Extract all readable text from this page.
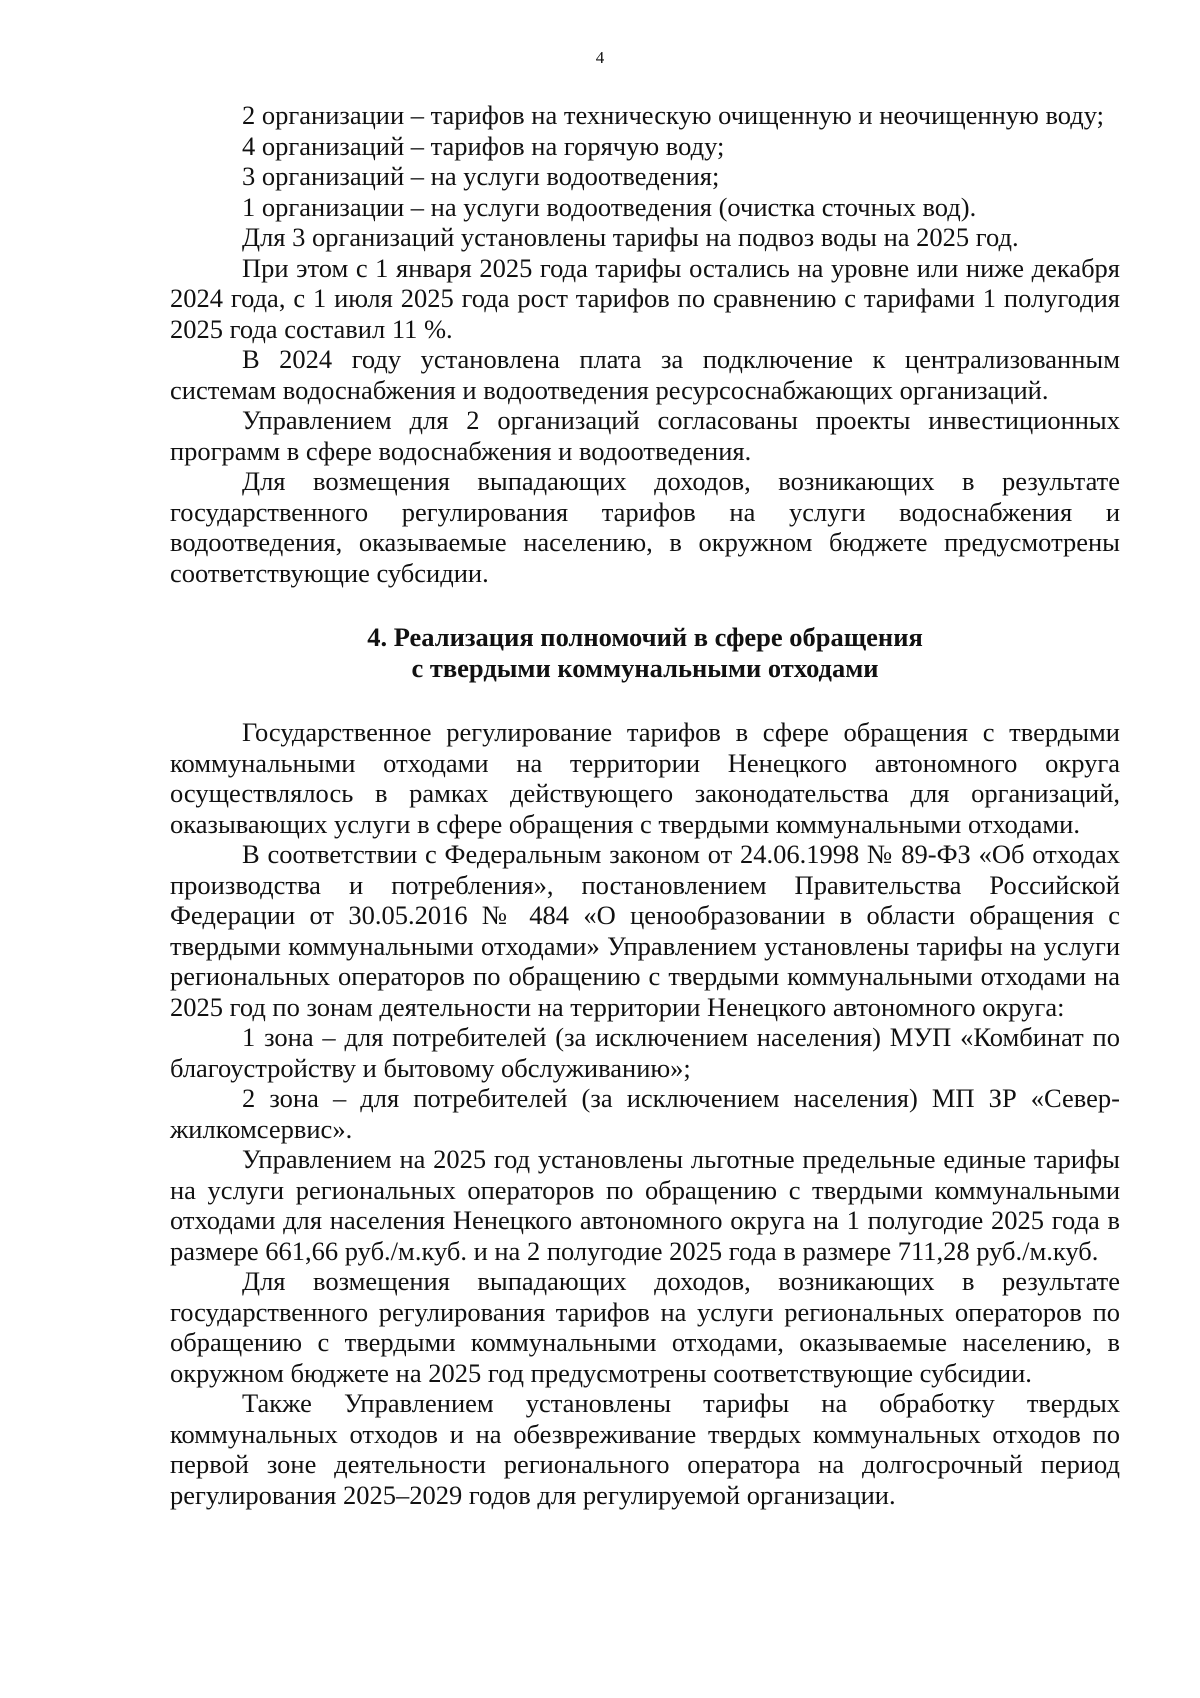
4

2 организации – тарифов на техническую очищенную и неочищенную воду;

4 организаций – тарифов на горячую воду;

3 организаций – на услуги водоотведения;

1 организации – на услуги водоотведения (очистка сточных вод).

Для 3 организаций установлены тарифы на подвоз воды на 2025 год.

При этом с 1 января 2025 года тарифы остались на уровне или ниже декабря 2024 года, с 1 июля 2025 года рост тарифов по сравнению с тарифами 1 полугодия 2025 года составил 11 %.

В 2024 году установлена плата за подключение к централизованным системам водоснабжения и водоотведения ресурсоснабжающих организаций.

Управлением для 2 организаций согласованы проекты инвестиционных программ в сфере водоснабжения и водоотведения.

Для возмещения выпадающих доходов, возникающих в результате государственного регулирования тарифов на услуги водоснабжения и водоотведения, оказываемые населению, в окружном бюджете предусмотрены соответствующие субсидии.

4. Реализация полномочий в сфере обращения
с твердыми коммунальными отходами

Государственное регулирование тарифов в сфере обращения с твердыми коммунальными отходами на территории Ненецкого автономного округа осуществлялось в рамках действующего законодательства для организаций, оказывающих услуги в сфере обращения с твердыми коммунальными отходами.

В соответствии с Федеральным законом от 24.06.1998 № 89-ФЗ «Об отходах производства и потребления», постановлением Правительства Российской Федерации от 30.05.2016 № 484 «О ценообразовании в области обращения с твердыми коммунальными отходами» Управлением установлены тарифы на услуги региональных операторов по обращению с твердыми коммунальными отходами на 2025 год по зонам деятельности на территории Ненецкого автономного округа:

1 зона – для потребителей (за исключением населения) МУП «Комбинат по благоустройству и бытовому обслуживанию»;

2 зона – для потребителей (за исключением населения) МП ЗР «Север-жилкомсервис».

Управлением на 2025 год установлены льготные предельные единые тарифы на услуги региональных операторов по обращению с твердыми коммунальными отходами для населения Ненецкого автономного округа на 1 полугодие 2025 года в размере 661,66 руб./м.куб. и на 2 полугодие 2025 года в размере 711,28 руб./м.куб.

Для возмещения выпадающих доходов, возникающих в результате государственного регулирования тарифов на услуги региональных операторов по обращению с твердыми коммунальными отходами, оказываемые населению, в окружном бюджете на 2025 год предусмотрены соответствующие субсидии.

Также Управлением установлены тарифы на обработку твердых коммунальных отходов и на обезвреживание твердых коммунальных отходов по первой зоне деятельности регионального оператора на долгосрочный период регулирования 2025–2029 годов для регулируемой организации.
